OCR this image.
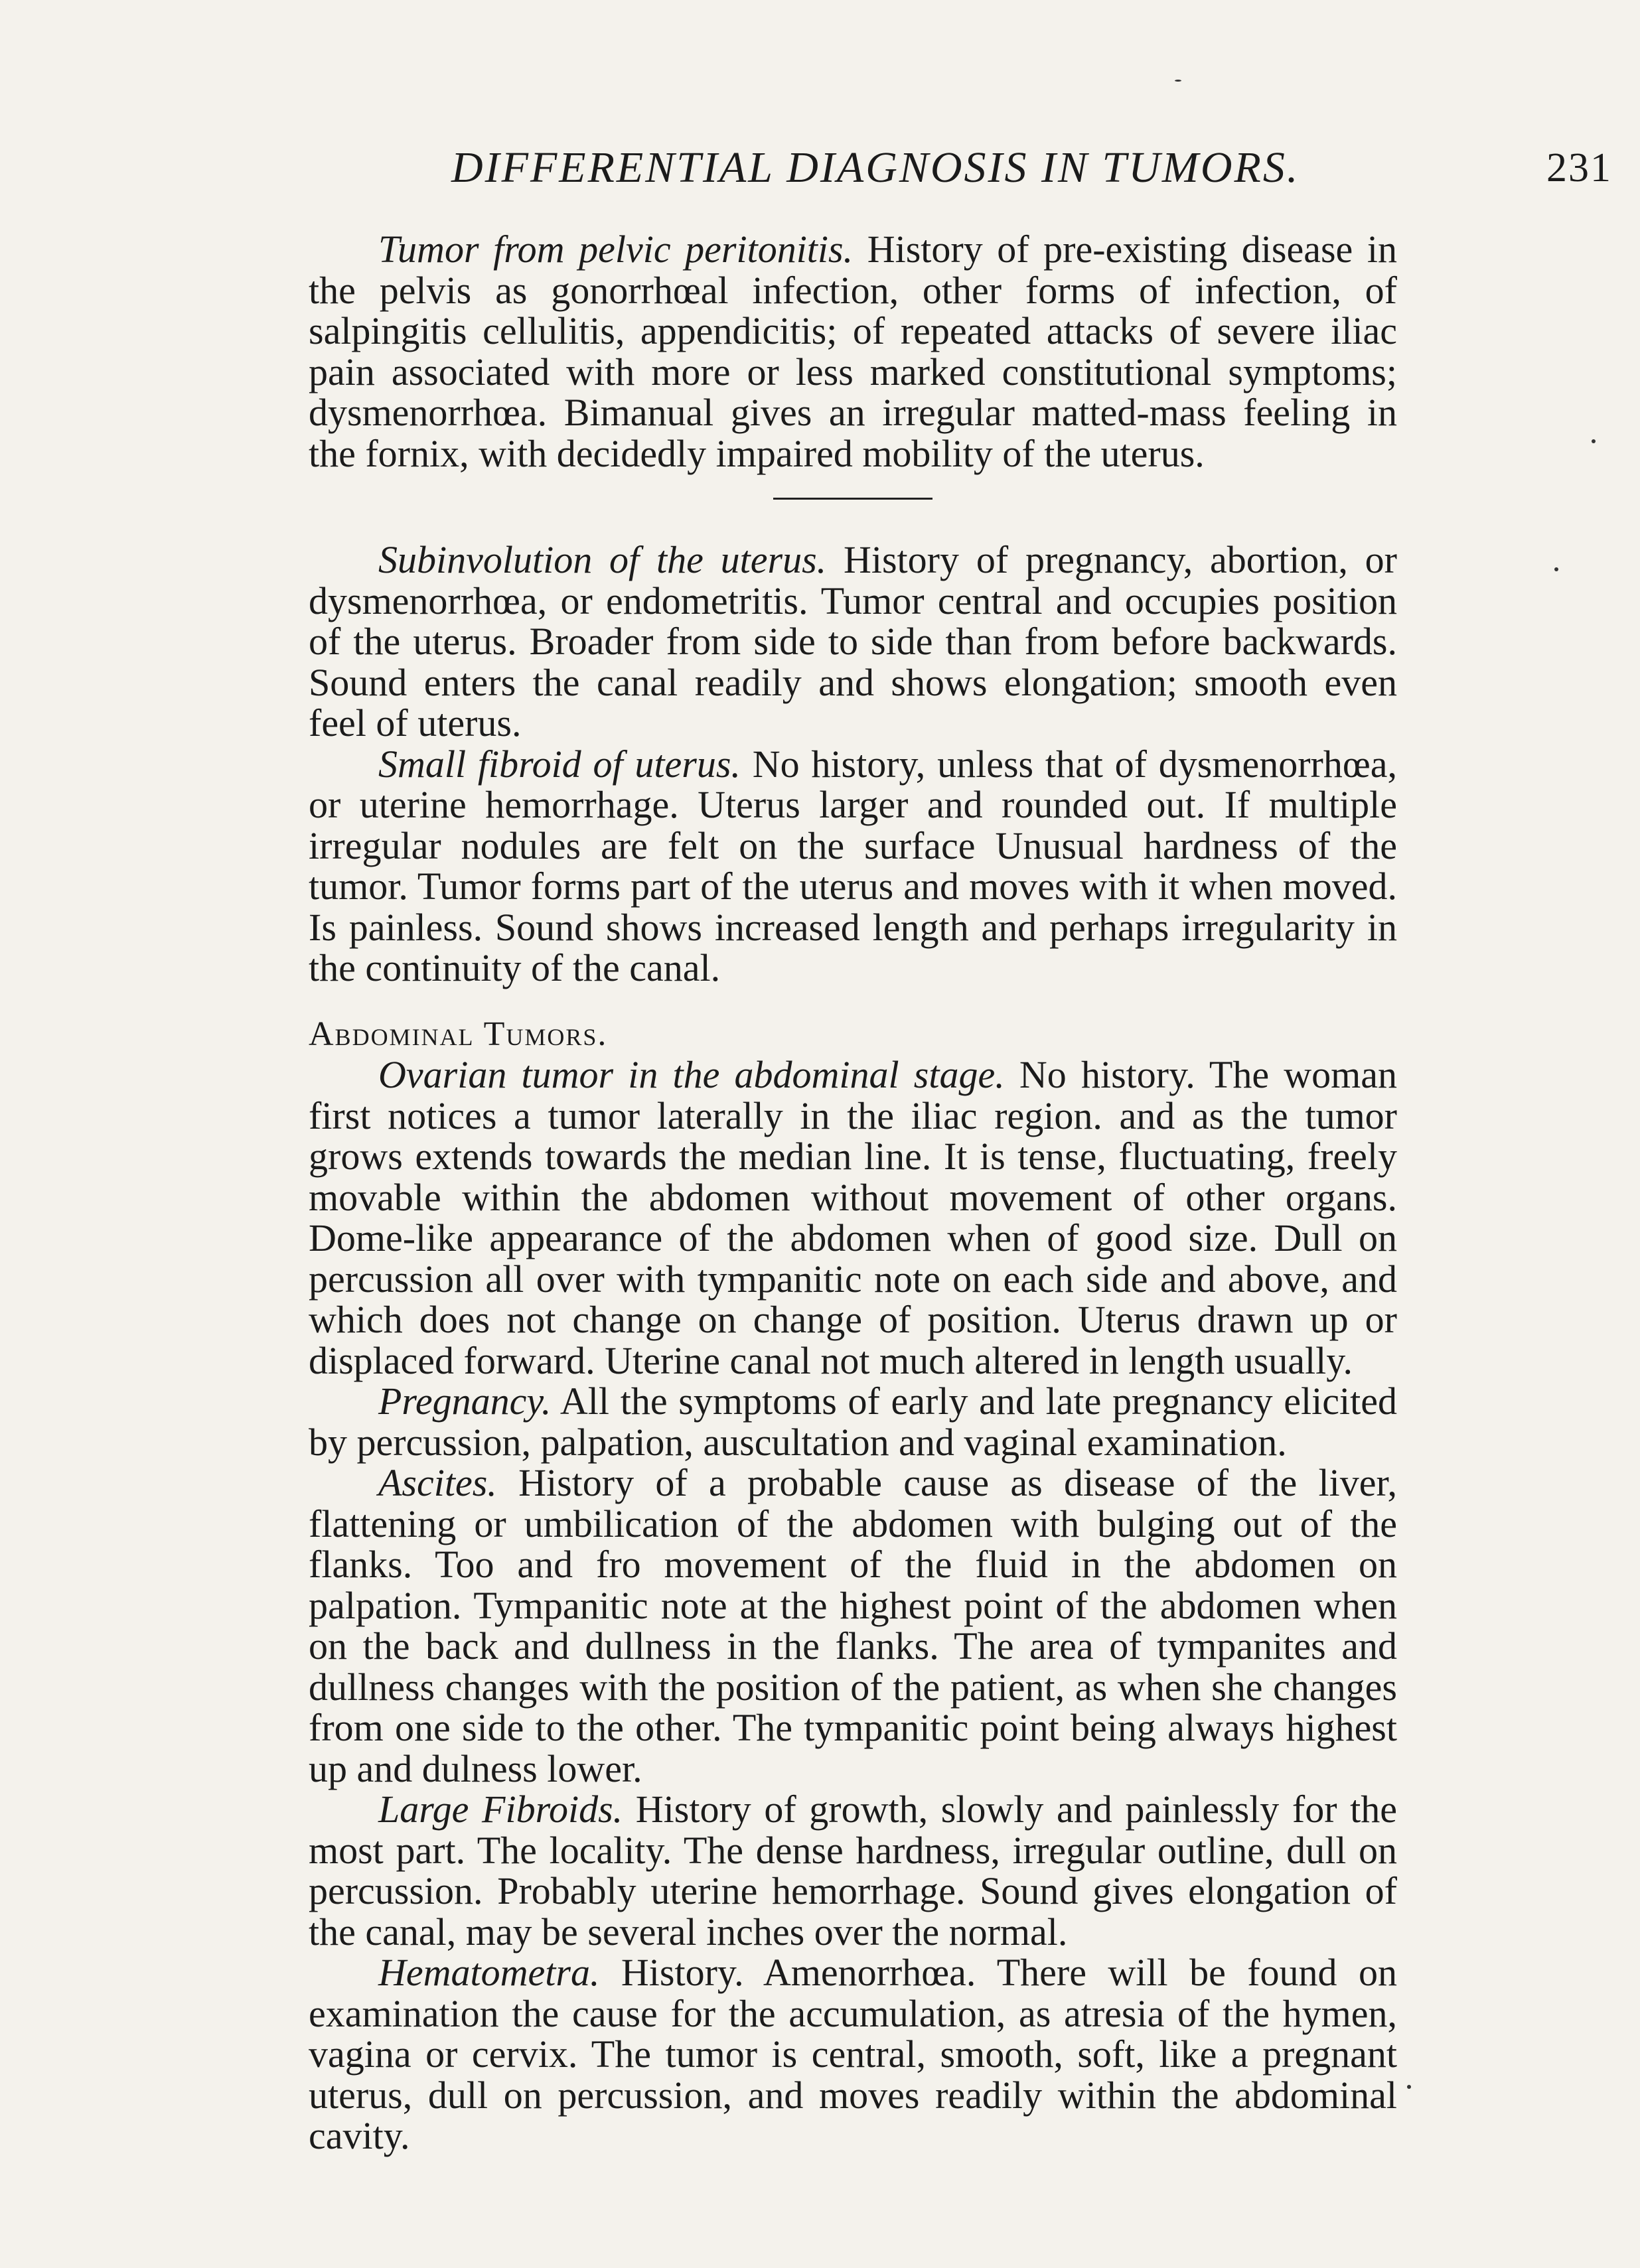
DIFFERENTIAL DIAGNOSIS IN TUMORS.	231

Tumor from pelvic peritonitis. History of pre-existing disease in the pelvis as gonorrhœal infection, other forms of infection, of salpingitis cellulitis, appendicitis; of repeated attacks of severe iliac pain associated with more or less marked constitutional symptoms; dysmenorrhœa. Bimanual gives an irregular matted-mass feeling in the fornix, with decidedly impaired mobility of the uterus.

Subinvolution of the uterus. History of pregnancy, abortion, or dysmenorrhœa, or endometritis. Tumor central and occupies position of the uterus. Broader from side to side than from before backwards. Sound enters the canal readily and shows elongation; smooth even feel of uterus.

Small fibroid of uterus. No history, unless that of dysmenorrhœa, or uterine hemorrhage. Uterus larger and rounded out. If multiple irregular nodules are felt on the surface Unusual hardness of the tumor. Tumor forms part of the uterus and moves with it when moved. Is painless. Sound shows increased length and perhaps irregularity in the continuity of the canal.

Abdominal Tumors.

Ovarian tumor in the abdominal stage. No history. The woman first notices a tumor laterally in the iliac region. and as the tumor grows extends towards the median line. It is tense, fluctuating, freely movable within the abdomen without movement of other organs. Dome-like appearance of the abdomen when of good size. Dull on percussion all over with tympanitic note on each side and above, and which does not change on change of position. Uterus drawn up or displaced forward. Uterine canal not much altered in length usually.

Pregnancy. All the symptoms of early and late pregnancy elicited by percussion, palpation, auscultation and vaginal examination.

Ascites. History of a probable cause as disease of the liver, flattening or umbilication of the abdomen with bulging out of the flanks. Too and fro movement of the fluid in the abdomen on palpation. Tympanitic note at the highest point of the abdomen when on the back and dullness in the flanks. The area of tympanites and dullness changes with the position of the patient, as when she changes from one side to the other. The tympanitic point being always highest up and dulness lower.

Large Fibroids. History of growth, slowly and painlessly for the most part. The locality. The dense hardness, irregular outline, dull on percussion. Probably uterine hemorrhage. Sound gives elongation of the canal, may be several inches over the normal.

Hematometra. History. Amenorrhœa. There will be found on examination the cause for the accumulation, as atresia of the hymen, vagina or cervix. The tumor is central, smooth, soft, like a pregnant uterus, dull on percussion, and moves readily within the abdominal cavity.
